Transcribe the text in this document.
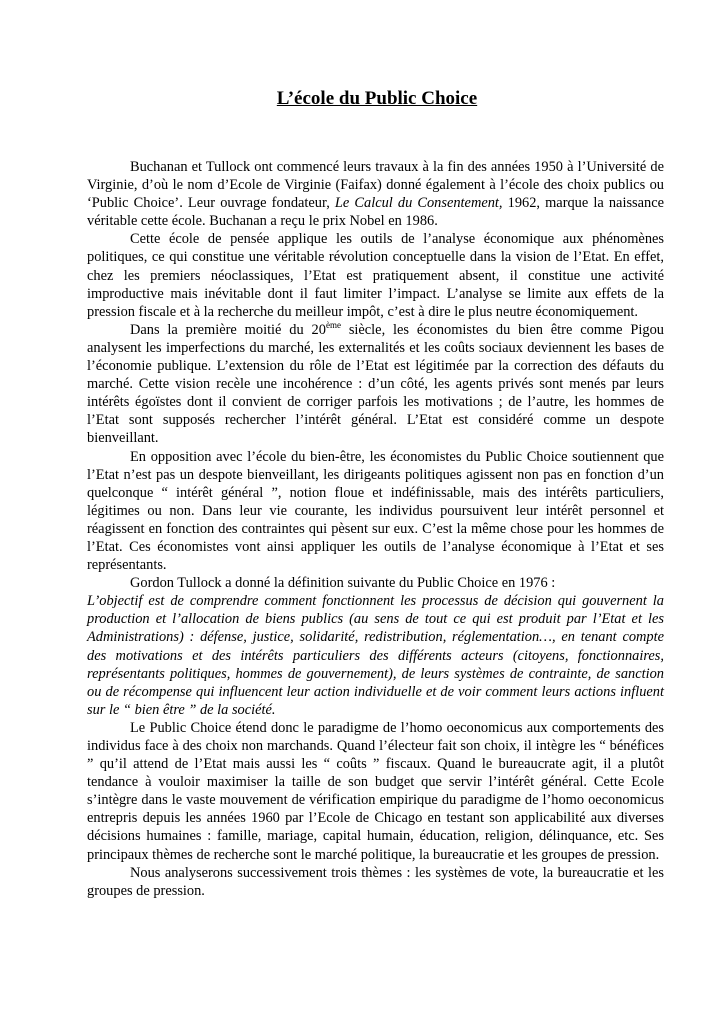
L’école du Public Choice

Buchanan et Tullock ont commencé leurs travaux à la fin des années 1950 à l’Université de Virginie, d’où le nom d’Ecole de Virginie (Faifax) donné également à l’école des choix publics ou ‘Public Choice’. Leur ouvrage fondateur, Le Calcul du Consentement, 1962, marque la naissance véritable cette école. Buchanan a reçu le prix Nobel en 1986.

Cette école de pensée applique les outils de l’analyse économique aux phénomènes politiques, ce qui constitue une véritable révolution conceptuelle dans la vision de l’Etat. En effet, chez les premiers néoclassiques, l’Etat est pratiquement absent, il constitue une activité improductive mais inévitable dont il faut limiter l’impact. L’analyse se limite aux effets de la pression fiscale et à la recherche du meilleur impôt, c’est à dire le plus neutre économiquement.

Dans la première moitié du 20ème siècle, les économistes du bien être comme Pigou analysent les imperfections du marché, les externalités et les coûts sociaux deviennent les bases de l’économie publique. L’extension du rôle de l’Etat est légitimée par la correction des défauts du marché. Cette vision recèle une incohérence : d’un côté, les agents privés sont menés par leurs intérêts égoïstes dont il convient de corriger parfois les motivations ; de l’autre, les hommes de l’Etat sont supposés rechercher l’intérêt général. L’Etat est considéré comme un despote bienveillant.

En opposition avec l’école du bien-être, les économistes du Public Choice soutiennent que l’Etat n’est pas un despote bienveillant, les dirigeants politiques agissent non pas en fonction d’un quelconque “ intérêt général ”, notion floue et indéfinissable, mais des intérêts particuliers, légitimes ou non. Dans leur vie courante, les individus poursuivent leur intérêt personnel et réagissent en fonction des contraintes qui pèsent sur eux. C’est la même chose pour les hommes de l’Etat. Ces économistes vont ainsi appliquer les outils de l’analyse économique à l’Etat et ses représentants.

Gordon Tullock a donné la définition suivante du Public Choice en 1976 :

L’objectif est de comprendre comment fonctionnent les processus de décision qui gouvernent la production et l’allocation de biens publics (au sens de tout ce qui est produit par l’Etat et les Administrations) : défense, justice, solidarité, redistribution, réglementation…, en tenant compte des motivations et des intérêts particuliers des différents acteurs (citoyens, fonctionnaires, représentants politiques, hommes de gouvernement), de leurs systèmes de contrainte, de sanction ou de récompense qui influencent leur action individuelle et de voir comment leurs actions influent sur le “ bien être ” de la société.

Le Public Choice étend donc le paradigme de l’homo oeconomicus aux comportements des individus face à des choix non marchands. Quand l’électeur fait son choix, il intègre les “ bénéfices ” qu’il attend de l’Etat mais aussi les “ coûts ” fiscaux. Quand le bureaucrate agit, il a plutôt tendance à vouloir maximiser la taille de son budget que servir l’intérêt général. Cette Ecole s’intègre dans le vaste mouvement de vérification empirique du paradigme de l’homo oeconomicus entrepris depuis les années 1960 par l’Ecole de Chicago en testant son applicabilité aux diverses décisions humaines : famille, mariage, capital humain, éducation, religion, délinquance, etc. Ses principaux thèmes de recherche sont le marché politique, la bureaucratie et les groupes de pression.

Nous analyserons successivement trois thèmes : les systèmes de vote, la bureaucratie et les groupes de pression.
